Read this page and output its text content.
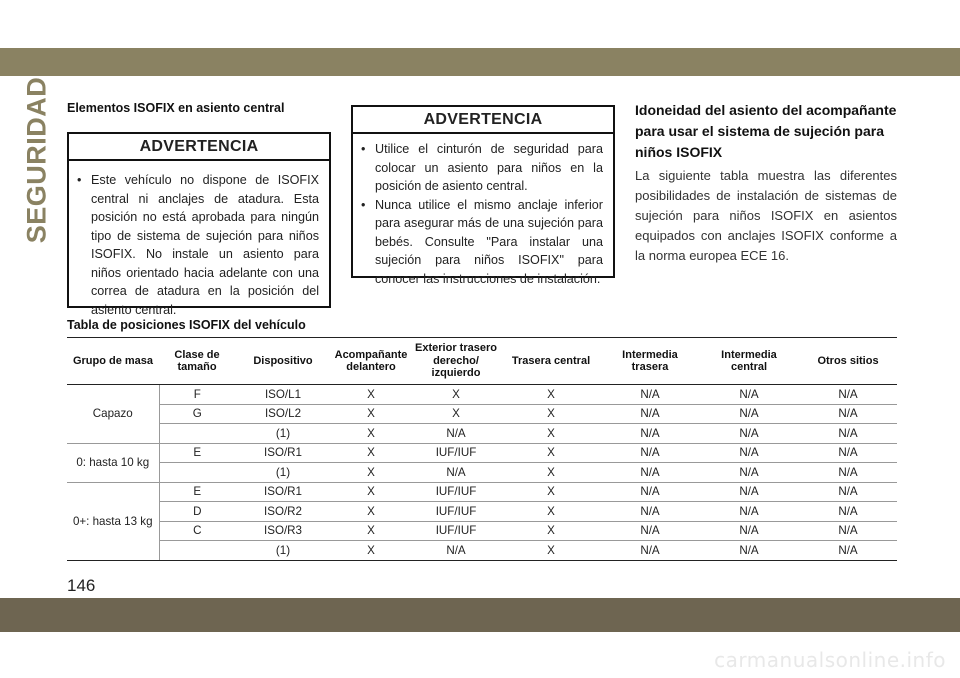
SEGURIDAD Elementos ISOFIX en asiento central
ADVERTENCIA
• Este vehículo no dispone de ISOFIX central ni anclajes de atadura. Esta posición no está aprobada para ningún tipo de sistema de sujeción para niños ISOFIX. No instale un asiento para niños orientado hacia adelante con una correa de atadura en la posición del asiento central.
ADVERTENCIA
• Utilice el cinturón de seguridad para colocar un asiento para niños en la posición de asiento central.
• Nunca utilice el mismo anclaje inferior para asegurar más de una sujeción para bebés. Consulte "Para instalar una sujeción para niños ISOFIX" para conocer las instrucciones de instalación.
Idoneidad del asiento del acompañante para usar el sistema de sujeción para niños ISOFIX
La siguiente tabla muestra las diferentes posibilidades de instalación de sistemas de sujeción para niños ISOFIX en asientos equipados con anclajes ISOFIX conforme a la norma europea ECE 16.
Tabla de posiciones ISOFIX del vehículo
Grupo de masa	Clase de tamaño	Dispositivo	Acompañante delantero	Exterior trasero derecho/ izquierdo	Trasera central	Intermedia trasera	Intermedia central	Otros sitios
Capazo	F	ISO/L1	X	X	X	N/A	N/A	N/A
	G	ISO/L2	X	X	X	N/A	N/A	N/A
		(1)	X	N/A	X	N/A	N/A	N/A
0: hasta 10 kg	E	ISO/R1	X	IUF/IUF	X	N/A	N/A	N/A
		(1)	X	N/A	X	N/A	N/A	N/A
0+: hasta 13 kg	E	ISO/R1	X	IUF/IUF	X	N/A	N/A	N/A
	D	ISO/R2	X	IUF/IUF	X	N/A	N/A	N/A
	C	ISO/R3	X	IUF/IUF	X	N/A	N/A	N/A
		(1)	X	N/A	X	N/A	N/A	N/A
146
carmanualsonline.info
